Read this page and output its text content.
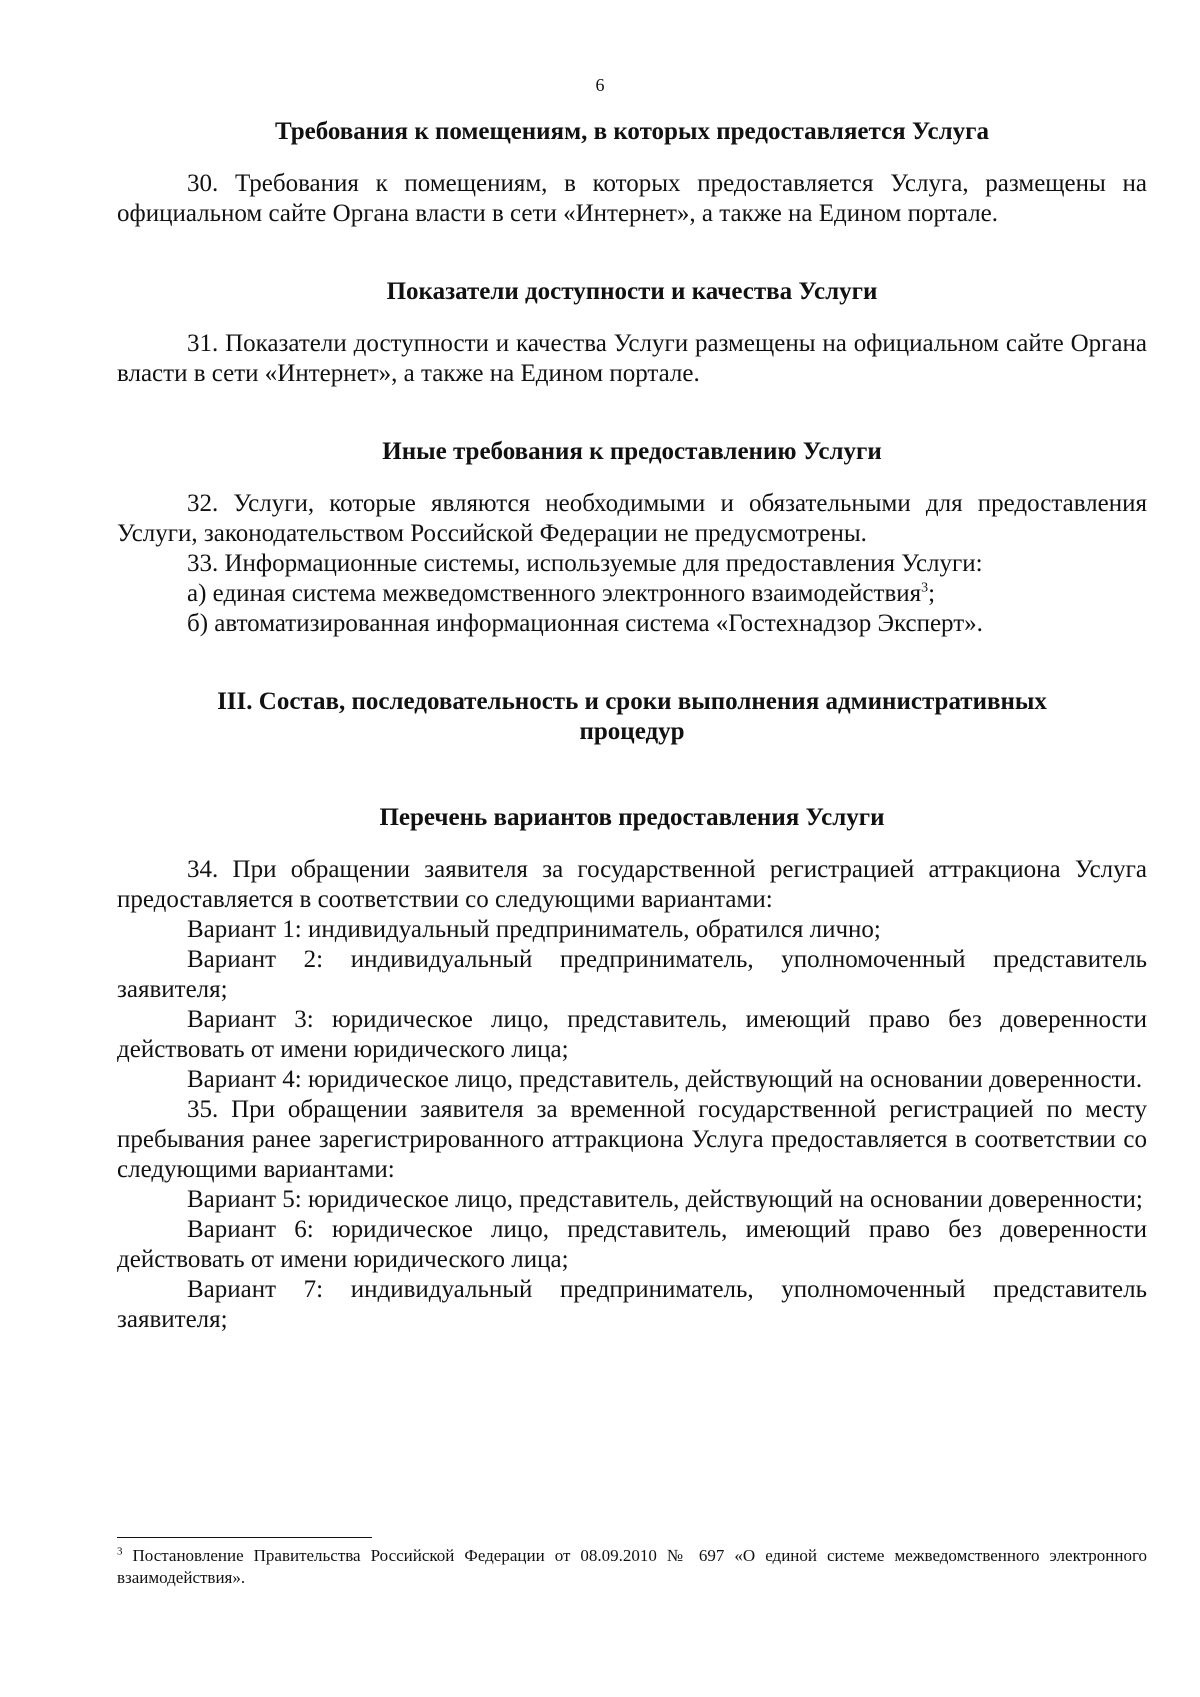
6
Требования к помещениям, в которых предоставляется Услуга

30. Требования к помещениям, в которых предоставляется Услуга, размещены на официальном сайте Органа власти в сети «Интернет», а также на Едином портале.

Показатели доступности и качества Услуги

31. Показатели доступности и качества Услуги размещены на официальном сайте Органа власти в сети «Интернет», а также на Едином портале.

Иные требования к предоставлению Услуги

32. Услуги, которые являются необходимыми и обязательными для предоставления Услуги, законодательством Российской Федерации не предусмотрены.

33. Информационные системы, используемые для предоставления Услуги:

а) единая система межведомственного электронного взаимодействия$^3$;

б) автоматизированная информационная система «Гостехнадзор Эксперт».

III. Состав, последовательность и сроки выполнения административных
процедур
Перечень вариантов предоставления Услуги

34. При обращении заявителя за государственной регистрацией аттракциона Услуга предоставляется в соответствии со следующими вариантами:

Вариант 1: индивидуальный предприниматель, обратился лично;

Вариант 2: индивидуальный предприниматель, уполномоченный представитель заявителя;

Вариант 3: юридическое лицо, представитель, имеющий право без доверенности действовать от имени юридического лица;

Вариант 4: юридическое лицо, представитель, действующий на основании доверенности.

35. При обращении заявителя за временной государственной регистрацией по месту пребывания ранее зарегистрированного аттракциона Услуга предоставляется в соответствии со следующими вариантами:

Вариант 5: юридическое лицо, представитель, действующий на основании доверенности;

Вариант 6: юридическое лицо, представитель, имеющий право без доверенности действовать от имени юридического лица;

Вариант 7: индивидуальный предприниматель, уполномоченный представитель заявителя;

$^3$ Постановление Правительства Российской Федерации от 08.09.2010 № 697 «О единой системе межведомственного электронного взаимодействия».
